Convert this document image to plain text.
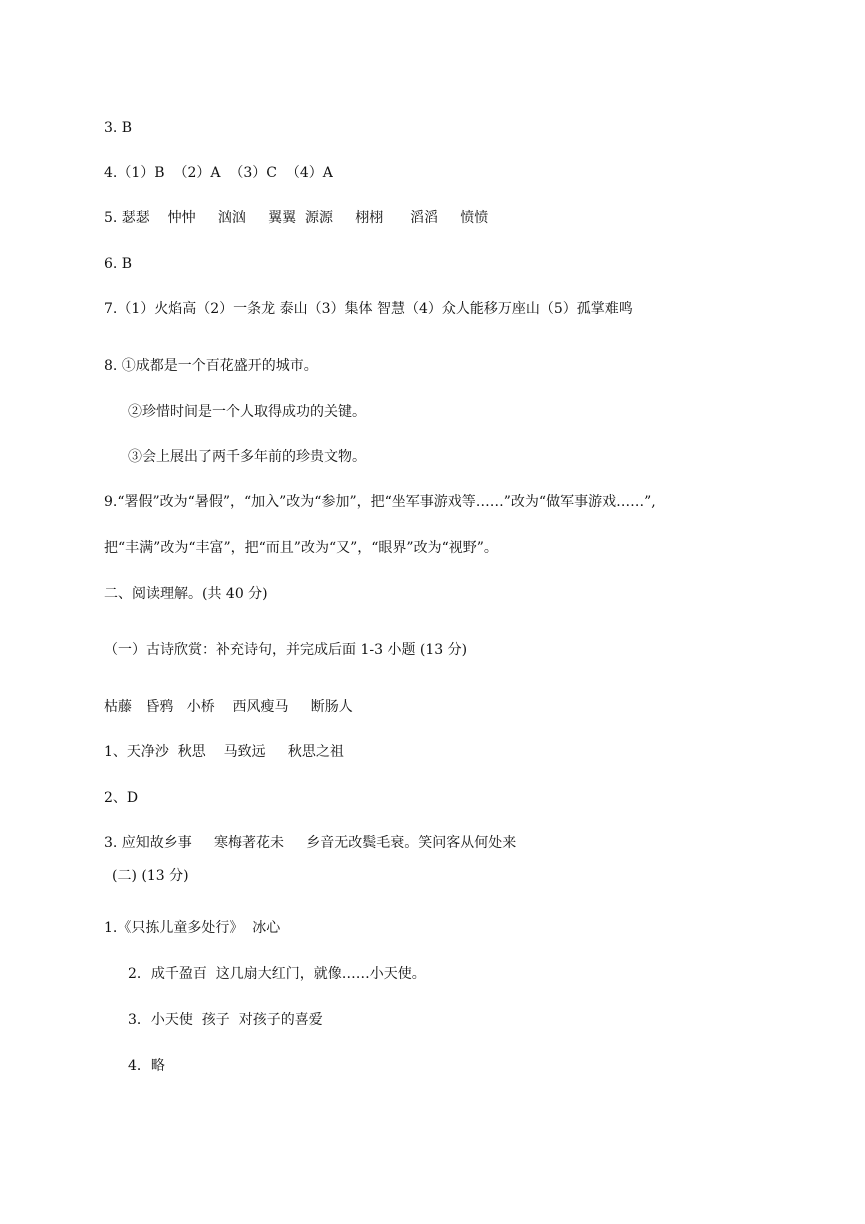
3. B
4.（1）B  （2）A  （3）C  （4）A
5. 瑟瑟    忡忡     汹汹     翼翼  源源     栩栩      滔滔     愤愤
6. B
7.（1）火焰高（2）一条龙 泰山（3）集体 智慧（4）众人能移万座山（5）孤掌难鸣
8. ①成都是一个百花盛开的城市。
②珍惜时间是一个人取得成功的关键。
③会上展出了两千多年前的珍贵文物。
9.“署假”改为“暑假”，“加入”改为“参加”，把“坐军事游戏等……”改为“做军事游戏……”,
把“丰满”改为“丰富”，把“而且”改为“又”，“眼界”改为“视野”。
二、阅读理解。(共 40 分)
（一）古诗欣赏：补充诗句，并完成后面 1-3 小题 (13 分)
枯藤   昏鸦   小桥    西风瘦马     断肠人
1、天净沙  秋思    马致远     秋思之祖
2、D
3. 应知故乡事     寒梅著花未     乡音无改鬓毛衰。笑问客从何处来
(二) (13 分)
1.《只拣儿童多处行》  冰心
2．成千盈百  这几扇大红门，就像……小天使。
3．小天使  孩子  对孩子的喜爱
4．略
